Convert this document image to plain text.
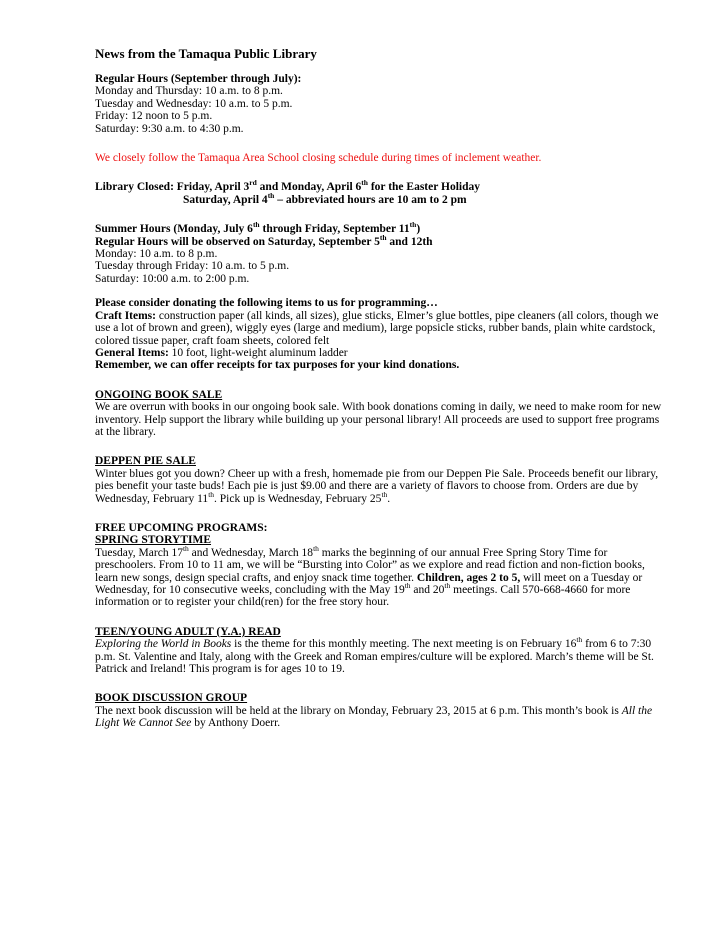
News from the Tamaqua Public Library
Regular Hours (September through July):
Monday and Thursday: 10 a.m. to 8 p.m.
Tuesday and Wednesday: 10 a.m. to 5 p.m.
Friday: 12 noon to 5 p.m.
Saturday: 9:30 a.m. to 4:30 p.m.
We closely follow the Tamaqua Area School closing schedule during times of inclement weather.
Library Closed: Friday, April 3rd and Monday, April 6th for the Easter Holiday
Saturday, April 4th – abbreviated hours are 10 am to 2 pm
Summer Hours (Monday, July 6th through Friday, September 11th)
Regular Hours will be observed on Saturday, September 5th and 12th
Monday: 10 a.m. to 8 p.m.
Tuesday through Friday: 10 a.m. to 5 p.m.
Saturday: 10:00 a.m. to 2:00 p.m.
Please consider donating the following items to us for programming…
Craft Items: construction paper (all kinds, all sizes), glue sticks, Elmer’s glue bottles, pipe cleaners (all colors, though we use a lot of brown and green), wiggly eyes (large and medium), large popsicle sticks, rubber bands, plain white cardstock, colored tissue paper, craft foam sheets, colored felt
General Items: 10 foot, light-weight aluminum ladder
Remember, we can offer receipts for tax purposes for your kind donations.
ONGOING BOOK SALE
We are overrun with books in our ongoing book sale. With book donations coming in daily, we need to make room for new inventory. Help support the library while building up your personal library! All proceeds are used to support free programs at the library.
DEPPEN PIE SALE
Winter blues got you down? Cheer up with a fresh, homemade pie from our Deppen Pie Sale. Proceeds benefit our library, pies benefit your taste buds! Each pie is just $9.00 and there are a variety of flavors to choose from. Orders are due by Wednesday, February 11th. Pick up is Wednesday, February 25th.
FREE UPCOMING PROGRAMS:
SPRING STORYTIME
Tuesday, March 17th and Wednesday, March 18th marks the beginning of our annual Free Spring Story Time for preschoolers. From 10 to 11 am, we will be “Bursting into Color” as we explore and read fiction and non-fiction books, learn new songs, design special crafts, and enjoy snack time together. Children, ages 2 to 5, will meet on a Tuesday or Wednesday, for 10 consecutive weeks, concluding with the May 19th and 20th meetings. Call 570-668-4660 for more information or to register your child(ren) for the free story hour.
TEEN/YOUNG ADULT (Y.A.) READ
Exploring the World in Books is the theme for this monthly meeting. The next meeting is on February 16th from 6 to 7:30 p.m. St. Valentine and Italy, along with the Greek and Roman empires/culture will be explored. March’s theme will be St. Patrick and Ireland! This program is for ages 10 to 19.
BOOK DISCUSSION GROUP
The next book discussion will be held at the library on Monday, February 23, 2015 at 6 p.m. This month’s book is All the Light We Cannot See by Anthony Doerr.
